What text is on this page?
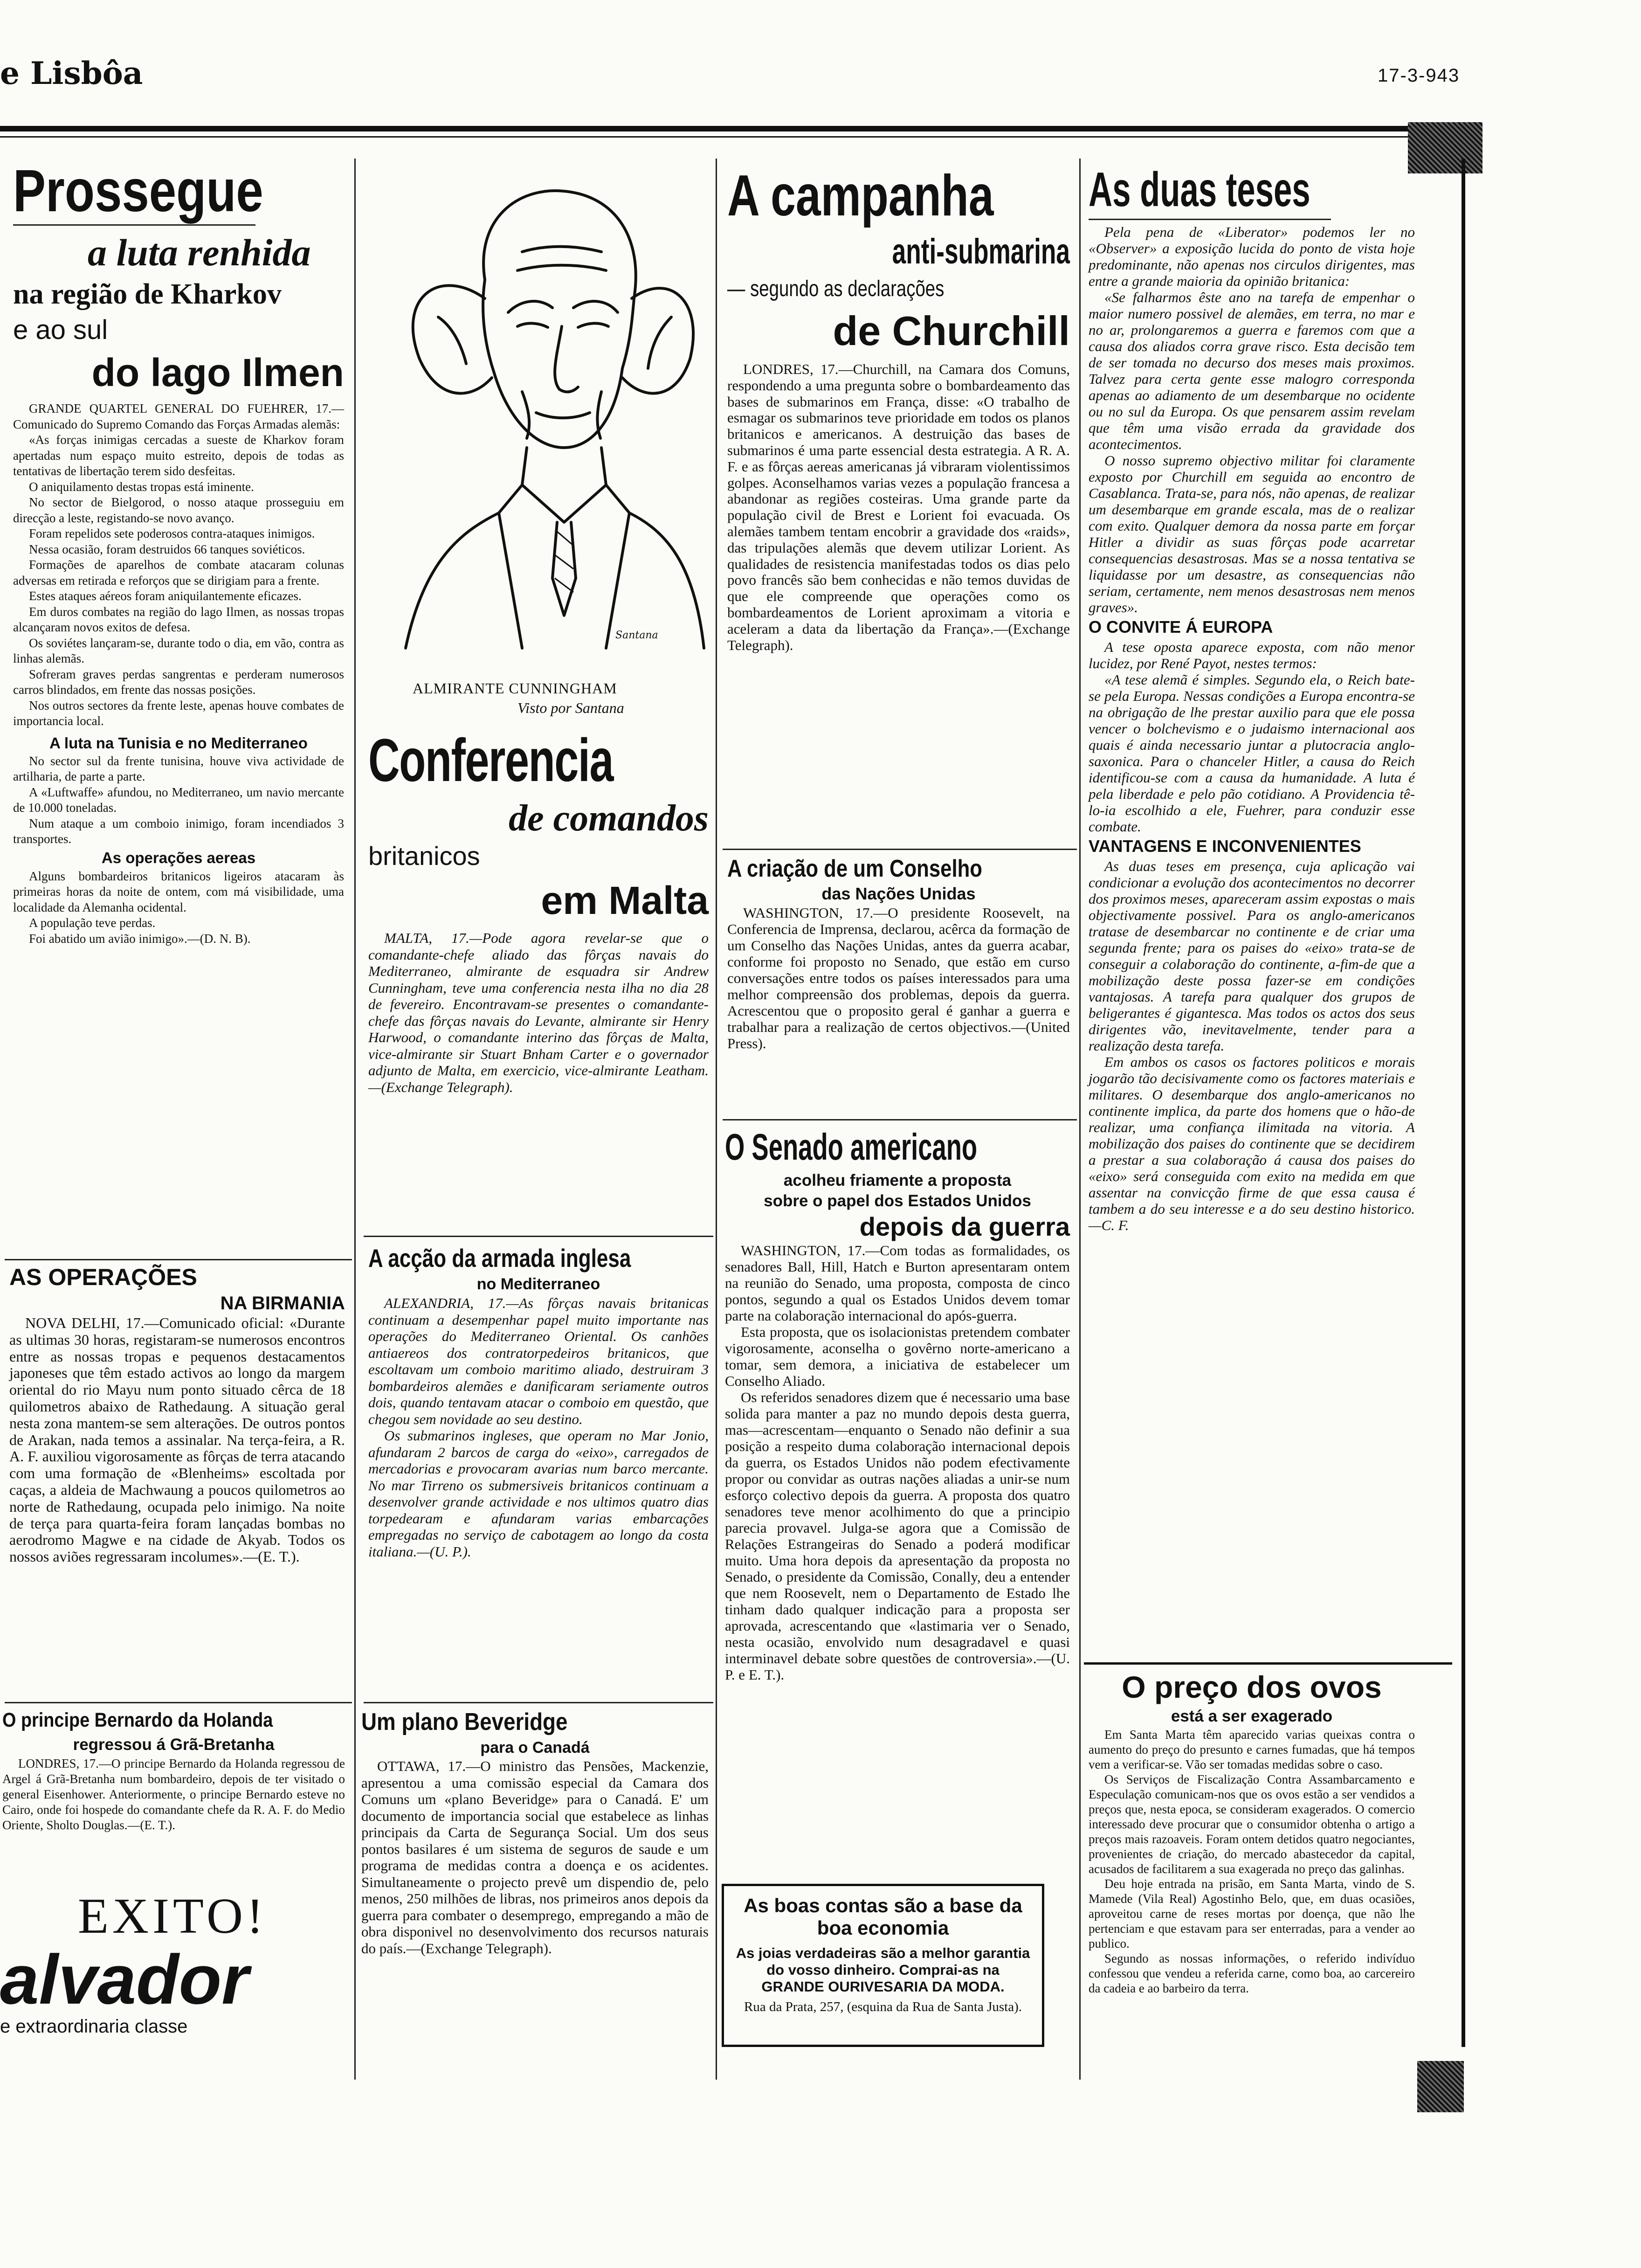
e Lisbôa	17-3-943
Prossegue
a luta renhida
na região de Kharkov
e ao sul
do lago Ilmen

GRANDE QUARTEL GENERAL DO FUEHRER, 17.— Comunicado do Supremo Comando das Forças Armadas alemãs:

«As forças inimigas cercadas a sueste de Kharkov foram apertadas num espaço muito estreito, depois de todas as tentativas de libertação terem sido desfeitas.

O aniquilamento destas tropas está iminente.

No sector de Bielgorod, o nosso ataque prosseguiu em direcção a leste, registando-se novo avanço.

Foram repelidos sete poderosos contra-ataques inimigos.

Nessa ocasião, foram destruidos 66 tanques soviéticos.

Formações de aparelhos de combate atacaram colunas adversas em retirada e reforços que se dirigiam para a frente.

Estes ataques aéreos foram aniquilantemente eficazes.

Em duros combates na região do lago Ilmen, as nossas tropas alcançaram novos exitos de defesa.

Os soviétes lançaram-se, durante todo o dia, em vão, contra as linhas alemãs.

Sofreram graves perdas sangrentas e perderam numerosos carros blindados, em frente das nossas posições.

Nos outros sectores da frente leste, apenas houve combates de importancia local.

A luta na Tunisia e no Mediterraneo

No sector sul da frente tunisina, houve viva actividade de artilharia, de parte a parte.

A «Luftwaffe» afundou, no Mediterraneo, um navio mercante de 10.000 toneladas.

Num ataque a um comboio inimigo, foram incendiados 3 transportes.

As operações aereas

Alguns bombardeiros britanicos ligeiros atacaram às primeiras horas da noite de ontem, com má visibilidade, uma localidade da Alemanha ocidental.

A população teve perdas.

Foi abatido um avião inimigo».—(D. N. B).

AS OPERAÇÕES
NA BIRMANIA

NOVA DELHI, 17.—Comunicado oficial: «Durante as ultimas 30 horas, registaram-se numerosos encontros entre as nossas tropas e pequenos destacamentos japoneses que têm estado activos ao longo da margem oriental do rio Mayu num ponto situado cêrca de 18 quilometros abaixo de Rathedaung. A situação geral nesta zona mantem-se sem alterações. De outros pontos de Arakan, nada temos a assinalar. Na terça-feira, a R. A. F. auxiliou vigorosamente as fôrças de terra atacando com uma formação de «Blenheims» escoltada por caças, a aldeia de Machwaung a poucos quilometros ao norte de Rathedaung, ocupada pelo inimigo. Na noite de terça para quarta-feira foram lançadas bombas no aerodromo Magwe e na cidade de Akyab. Todos os nossos aviões regressaram incolumes».—(E. T.).

O principe Bernardo da Holanda
regressou á Grã-Bretanha

LONDRES, 17.—O principe Bernardo da Holanda regressou de Argel á Grã-Bretanha num bombardeiro, depois de ter visitado o general Eisenhower. Anteriormente, o principe Bernardo esteve no Cairo, onde foi hospede do comandante chefe da R. A. F. do Medio Oriente, Sholto Douglas.—(E. T.).

EXITO!
alvador
e extraordinaria classe
Santana
ALMIRANTE CUNNINGHAM
Visto por Santana
Conferencia
de comandos
britanicos
em Malta

MALTA, 17.—Pode agora revelar-se que o comandante-chefe aliado das fôrças navais do Mediterraneo, almirante de esquadra sir Andrew Cunningham, teve uma conferencia nesta ilha no dia 28 de fevereiro. Encontravam-se presentes o comandante-chefe das fôrças navais do Levante, almirante sir Henry Harwood, o comandante interino das fôrças de Malta, vice-almirante sir Stuart Bnham Carter e o governador adjunto de Malta, em exercicio, vice-almirante Leatham.—(Exchange Telegraph).

A acção da armada inglesa
no Mediterraneo

ALEXANDRIA, 17.—As fôrças navais britanicas continuam a desempenhar papel muito importante nas operações do Mediterraneo Oriental. Os canhões antiaereos dos contratorpedeiros britanicos, que escoltavam um comboio maritimo aliado, destruiram 3 bombardeiros alemães e danificaram seriamente outros dois, quando tentavam atacar o comboio em questão, que chegou sem novidade ao seu destino.

Os submarinos ingleses, que operam no Mar Jonio, afundaram 2 barcos de carga do «eixo», carregados de mercadorias e provocaram avarias num barco mercante. No mar Tirreno os submersiveis britanicos continuam a desenvolver grande actividade e nos ultimos quatro dias torpedearam e afundaram varias embarcações empregadas no serviço de cabotagem ao longo da costa italiana.—(U. P.).

Um plano Beveridge
para o Canadá

OTTAWA, 17.—O ministro das Pensões, Mackenzie, apresentou a uma comissão especial da Camara dos Comuns um «plano Beveridge» para o Canadá. E' um documento de importancia social que estabelece as linhas principais da Carta de Segurança Social. Um dos seus pontos basilares é um sistema de seguros de saude e um programa de medidas contra a doença e os acidentes. Simultaneamente o projecto prevê um dispendio de, pelo menos, 250 milhões de libras, nos primeiros anos depois da guerra para combater o desemprego, empregando a mão de obra disponivel no desenvolvimento dos recursos naturais do país.—(Exchange Telegraph).

A campanha
anti-submarina
— segundo as declarações
de Churchill

LONDRES, 17.—Churchill, na Camara dos Comuns, respondendo a uma pregunta sobre o bombardeamento das bases de submarinos em França, disse: «O trabalho de esmagar os submarinos teve prioridade em todos os planos britanicos e americanos. A destruição das bases de submarinos é uma parte essencial desta estrategia. A R. A. F. e as fôrças aereas americanas já vibraram violentissimos golpes. Aconselhamos varias vezes a população francesa a abandonar as regiões costeiras. Uma grande parte da população civil de Brest e Lorient foi evacuada. Os alemães tambem tentam encobrir a gravidade dos «raids», das tripulações alemãs que devem utilizar Lorient. As qualidades de resistencia manifestadas todos os dias pelo povo francês são bem conhecidas e não temos duvidas de que ele compreende que operações como os bombardeamentos de Lorient aproximam a vitoria e aceleram a data da libertação da França».—(Exchange Telegraph).

A criação de um Conselho
das Nações Unidas

WASHINGTON, 17.—O presidente Roosevelt, na Conferencia de Imprensa, declarou, acêrca da formação de um Conselho das Nações Unidas, antes da guerra acabar, conforme foi proposto no Senado, que estão em curso conversações entre todos os países interessados para uma melhor compreensão dos problemas, depois da guerra. Acrescentou que o proposito geral é ganhar a guerra e trabalhar para a realização de certos objectivos.—(United Press).

O Senado americano
acolheu friamente a proposta
sobre o papel dos Estados Unidos
depois da guerra

WASHINGTON, 17.—Com todas as formalidades, os senadores Ball, Hill, Hatch e Burton apresentaram ontem na reunião do Senado, uma proposta, composta de cinco pontos, segundo a qual os Estados Unidos devem tomar parte na colaboração internacional do após-guerra.

Esta proposta, que os isolacionistas pretendem combater vigorosamente, aconselha o govêrno norte-americano a tomar, sem demora, a iniciativa de estabelecer um Conselho Aliado.

Os referidos senadores dizem que é necessario uma base solida para manter a paz no mundo depois desta guerra, mas—acrescentam—enquanto o Senado não definir a sua posição a respeito duma colaboração internacional depois da guerra, os Estados Unidos não podem efectivamente propor ou convidar as outras nações aliadas a unir-se num esforço colectivo depois da guerra. A proposta dos quatro senadores teve menor acolhimento do que a principio parecia provavel. Julga-se agora que a Comissão de Relações Estrangeiras do Senado a poderá modificar muito. Uma hora depois da apresentação da proposta no Senado, o presidente da Comissão, Conally, deu a entender que nem Roosevelt, nem o Departamento de Estado lhe tinham dado qualquer indicação para a proposta ser aprovada, acrescentando que «lastimaria ver o Senado, nesta ocasião, envolvido num desagradavel e quasi interminavel debate sobre questões de controversia».—(U. P. e E. T.).

As boas contas são a base da boa economia
As joias verdadeiras são a melhor garantia do vosso dinheiro. Comprai-as na GRANDE OURIVESARIA DA MODA.
Rua da Prata, 257, (esquina da Rua de Santa Justa).
As duas teses

Pela pena de «Liberator» podemos ler no «Observer» a exposição lucida do ponto de vista hoje predominante, não apenas nos circulos dirigentes, mas entre a grande maioria da opinião britanica:

«Se falharmos êste ano na tarefa de empenhar o maior numero possivel de alemães, em terra, no mar e no ar, prolongaremos a guerra e faremos com que a causa dos aliados corra grave risco. Esta decisão tem de ser tomada no decurso dos meses mais proximos. Talvez para certa gente esse malogro corresponda apenas ao adiamento de um desembarque no ocidente ou no sul da Europa. Os que pensarem assim revelam que têm uma visão errada da gravidade dos acontecimentos.

O nosso supremo objectivo militar foi claramente exposto por Churchill em seguida ao encontro de Casablanca. Trata-se, para nós, não apenas, de realizar um desembarque em grande escala, mas de o realizar com exito. Qualquer demora da nossa parte em forçar Hitler a dividir as suas fôrças pode acarretar consequencias desastrosas. Mas se a nossa tentativa se liquidasse por um desastre, as consequencias não seriam, certamente, nem menos desastrosas nem menos graves».

O CONVITE Á EUROPA

A tese oposta aparece exposta, com não menor lucidez, por René Payot, nestes termos:

«A tese alemã é simples. Segundo ela, o Reich bate-se pela Europa. Nessas condições a Europa encontra-se na obrigação de lhe prestar auxilio para que ele possa vencer o bolchevismo e o judaismo internacional aos quais é ainda necessario juntar a plutocracia anglo-saxonica. Para o chanceler Hitler, a causa do Reich identificou-se com a causa da humanidade. A luta é pela liberdade e pelo pão cotidiano. A Providencia tê-lo-ia escolhido a ele, Fuehrer, para conduzir esse combate.

VANTAGENS E INCONVENIENTES

As duas teses em presença, cuja aplicação vai condicionar a evolução dos acontecimentos no decorrer dos proximos meses, apareceram assim expostas o mais objectivamente possivel. Para os anglo-americanos tratase de desembarcar no continente e de criar uma segunda frente; para os paises do «eixo» trata-se de conseguir a colaboração do continente, a-fim-de que a mobilização deste possa fazer-se em condições vantajosas. A tarefa para qualquer dos grupos de beligerantes é gigantesca. Mas todos os actos dos seus dirigentes vão, inevitavelmente, tender para a realização desta tarefa.

Em ambos os casos os factores politicos e morais jogarão tão decisivamente como os factores materiais e militares. O desembarque dos anglo-americanos no continente implica, da parte dos homens que o hão-de realizar, uma confiança ilimitada na vitoria. A mobilização dos paises do continente que se decidirem a prestar a sua colaboração á causa dos paises do «eixo» será conseguida com exito na medida em que assentar na convicção firme de que essa causa é tambem a do seu interesse e a do seu destino historico.—C. F.

O preço dos ovos
está a ser exagerado

Em Santa Marta têm aparecido varias queixas contra o aumento do preço do presunto e carnes fumadas, que há tempos vem a verificar-se. Vão ser tomadas medidas sobre o caso.

Os Serviços de Fiscalização Contra Assambarcamento e Especulação comunicam-nos que os ovos estão a ser vendidos a preços que, nesta epoca, se consideram exagerados. O comercio interessado deve procurar que o consumidor obtenha o artigo a preços mais razoaveis. Foram ontem detidos quatro negociantes, provenientes de criação, do mercado abastecedor da capital, acusados de facilitarem a sua exagerada no preço das galinhas.

Deu hoje entrada na prisão, em Santa Marta, vindo de S. Mamede (Vila Real) Agostinho Belo, que, em duas ocasiões, aproveitou carne de reses mortas por doença, que não lhe pertenciam e que estavam para ser enterradas, para a vender ao publico.

Segundo as nossas informações, o referido indivíduo confessou que vendeu a referida carne, como boa, ao carcereiro da cadeia e ao barbeiro da terra.
